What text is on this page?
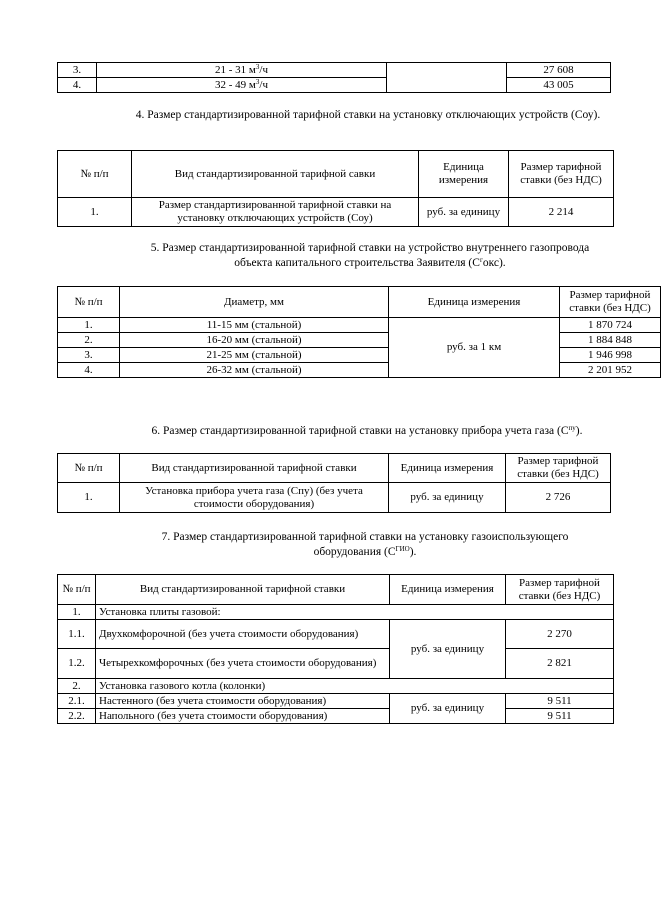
3.	21 - 31 $м^3/ч$		27 608
4.	32 - 49 $м^3/ч$		43 005
4. Размер стандартизированной тарифной ставки на установку отключающих устройств (Соу).
№ п/п	Вид стандартизированной тарифной савки	Единица измерения	Размер тарифной ставки (без НДС)
1.	Размер стандартизированной тарифной ставки на установку отключающих устройств (Соу)	руб. за единицу	2 214
5. Размер стандартизированной тарифной ставки на устройство внутреннего газопровода объекта капитального строительства Заявителя $(С^гокс)$.
№ п/п	Диаметр, мм	Единица измерения	Размер тарифной ставки (без НДС)
1.	11-15 мм (стальной)	руб. за 1 км	1 870 724
2.	16-20 мм (стальной)		1 884 848
3.	21-25 мм (стальной)		1 946 998
4.	26-32 мм (стальной)		2 201 952
6. Размер стандартизированной тарифной ставки на установку прибора учета газа $(С^{пу})$.
№ п/п	Вид стандартизированной тарифной ставки	Единица измерения	Размер тарифной ставки (без НДС)
1.	Установка прибора учета газа (Спу) (без учета стоимости оборудования)	руб. за единицу	2 726
7. Размер стандартизированной тарифной ставки на установку газоиспользующего оборудования $(С^{ГИО})$.
№ п/п	Вид стандартизированной тарифной ставки	Единица измерения	Размер тарифной ставки (без НДС)
1.	Установка плиты газовой:		
1.1.	Двухкомфорочной (без учета стоимости оборудования)	руб. за единицу	2 270
1.2.	Четырехкомфорочных (без учета стоимости оборудования)		2 821
2.	Установка газового котла (колонки)		
2.1.	Настенного (без учета стоимости оборудования)	руб. за единицу	9 511
2.2.	Напольного (без учета стоимости оборудования)		9 511
